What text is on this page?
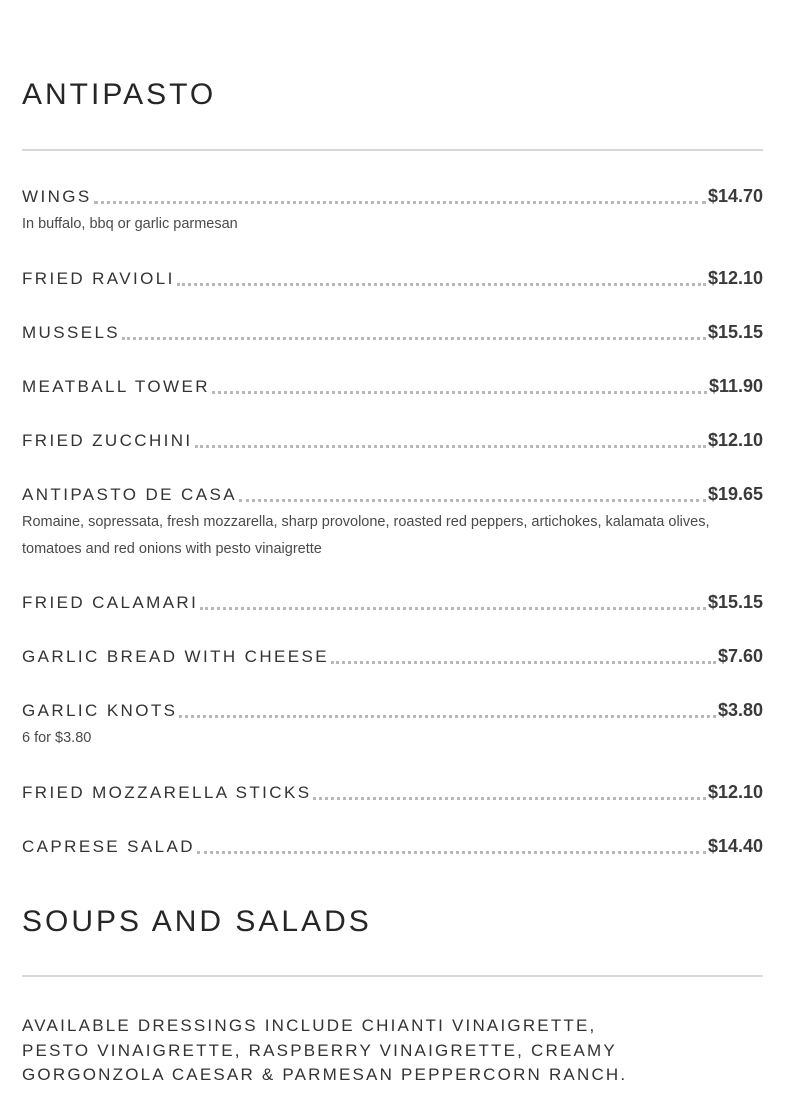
ANTIPASTO
WINGS	$14.70
In buffalo, bbq or garlic parmesan
FRIED RAVIOLI	$12.10
MUSSELS	$15.15
MEATBALL TOWER	$11.90
FRIED ZUCCHINI	$12.10
ANTIPASTO DE CASA	$19.65
Romaine, sopressata, fresh mozzarella, sharp provolone, roasted red peppers, artichokes, kalamata olives, tomatoes and red onions with pesto vinaigrette
FRIED CALAMARI	$15.15
GARLIC BREAD WITH CHEESE	$7.60
GARLIC KNOTS	$3.80
6 for $3.80
FRIED MOZZARELLA STICKS	$12.10
CAPRESE SALAD	$14.40
SOUPS AND SALADS
AVAILABLE DRESSINGS INCLUDE CHIANTI VINAIGRETTE, PESTO VINAIGRETTE, RASPBERRY VINAIGRETTE, CREAMY GORGONZOLA CAESAR & PARMESAN PEPPERCORN RANCH.
